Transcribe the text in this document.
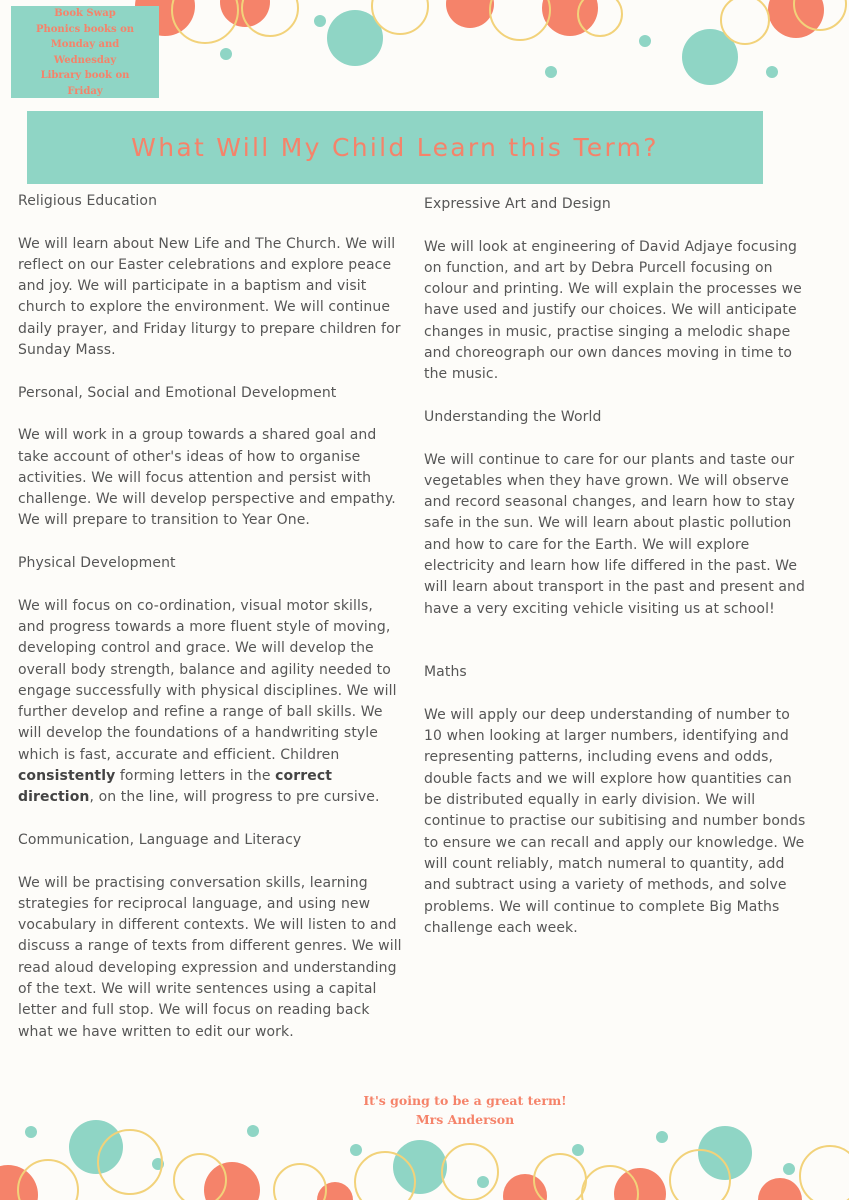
Book Swap
Phonics books on
Monday and
Wednesday
Library book on
Friday
What Will My Child Learn this Term?
Religious Education

We will learn about New Life and The Church. We will reflect on our Easter celebrations and explore peace and joy. We will participate in a baptism and visit church to explore the environment. We will continue daily prayer, and Friday liturgy to prepare children for Sunday Mass.

Personal, Social and Emotional Development

We will work in a group towards a shared goal and take account of other's ideas of how to organise activities. We will focus attention and persist with challenge. We will develop perspective and empathy. We will prepare to transition to Year One.

Physical Development

We will focus on co-ordination, visual motor skills, and progress towards a more fluent style of moving, developing control and grace. We will develop the overall body strength, balance and agility needed to engage successfully with physical disciplines. We will further develop and refine a range of ball skills. We will develop the foundations of a handwriting style which is fast, accurate and efficient. Children consistently forming letters in the correct direction, on the line, will progress to pre cursive.

Communication, Language and Literacy

We will be practising conversation skills, learning strategies for reciprocal language, and using new vocabulary in different contexts. We will listen to and discuss a range of texts from different genres. We will read aloud developing expression and understanding of the text. We will write sentences using a capital letter and full stop. We will focus on reading back what we have written to edit our work.

Expressive Art and Design

We will look at engineering of David Adjaye focusing on function, and art by Debra Purcell focusing on colour and printing. We will explain the processes we have used and justify our choices. We will anticipate changes in music, practise singing a melodic shape and choreograph our own dances moving in time to the music.

Understanding the World

We will continue to care for our plants and taste our vegetables when they have grown. We will observe and record seasonal changes, and learn how to stay safe in the sun. We will learn about plastic pollution and how to care for the Earth. We will explore electricity and learn how life differed in the past. We will learn about transport in the past and present and have a very exciting vehicle visiting us at school!

Maths

We will apply our deep understanding of number to 10 when looking at larger numbers, identifying and representing patterns, including evens and odds, double facts and we will explore how quantities can be distributed equally in early division. We will continue to practise our subitising and number bonds to ensure we can recall and apply our knowledge. We will count reliably, match numeral to quantity, add and subtract using a variety of methods, and solve problems. We will continue to complete Big Maths challenge each week.

It's going to be a great term!
Mrs Anderson
